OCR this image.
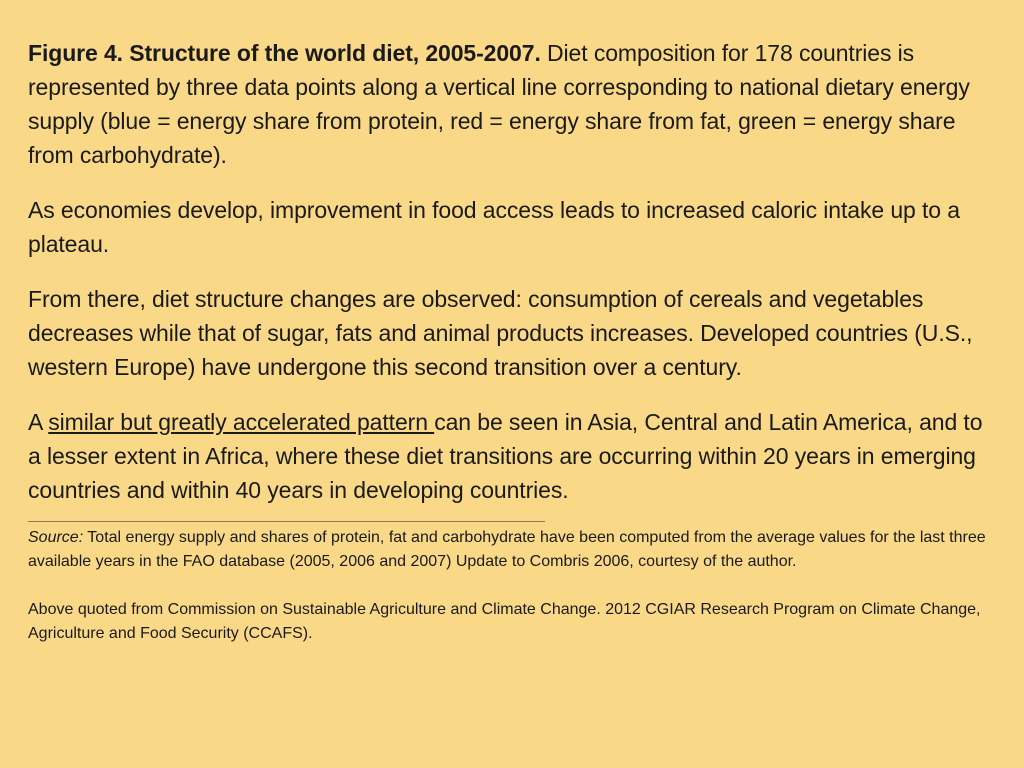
Figure 4. Structure of the world diet, 2005-2007. Diet composition for 178 countries is represented by three data points along a vertical line corresponding to national dietary energy supply (blue = energy share from protein, red = energy share from fat, green = energy share from carbohydrate).

As economies develop, improvement in food access leads to increased caloric intake up to a plateau.

From there, diet structure changes are observed: consumption of cereals and vegetables decreases while that of sugar, fats and animal products increases. Developed countries (U.S., western Europe) have undergone this second transition over a century.

A similar but greatly accelerated pattern can be seen in Asia, Central and Latin America, and to a lesser extent in Africa, where these diet transitions are occurring within 20 years in emerging countries and within 40 years in developing countries.

Source: Total energy supply and shares of protein, fat and carbohydrate have been computed from the average values for the last three available years in the FAO database (2005, 2006 and 2007) Update to Combris 2006, courtesy of the author.

Above quoted from Commission on Sustainable Agriculture and Climate Change. 2012 CGIAR Research Program on Climate Change, Agriculture and Food Security (CCAFS).
